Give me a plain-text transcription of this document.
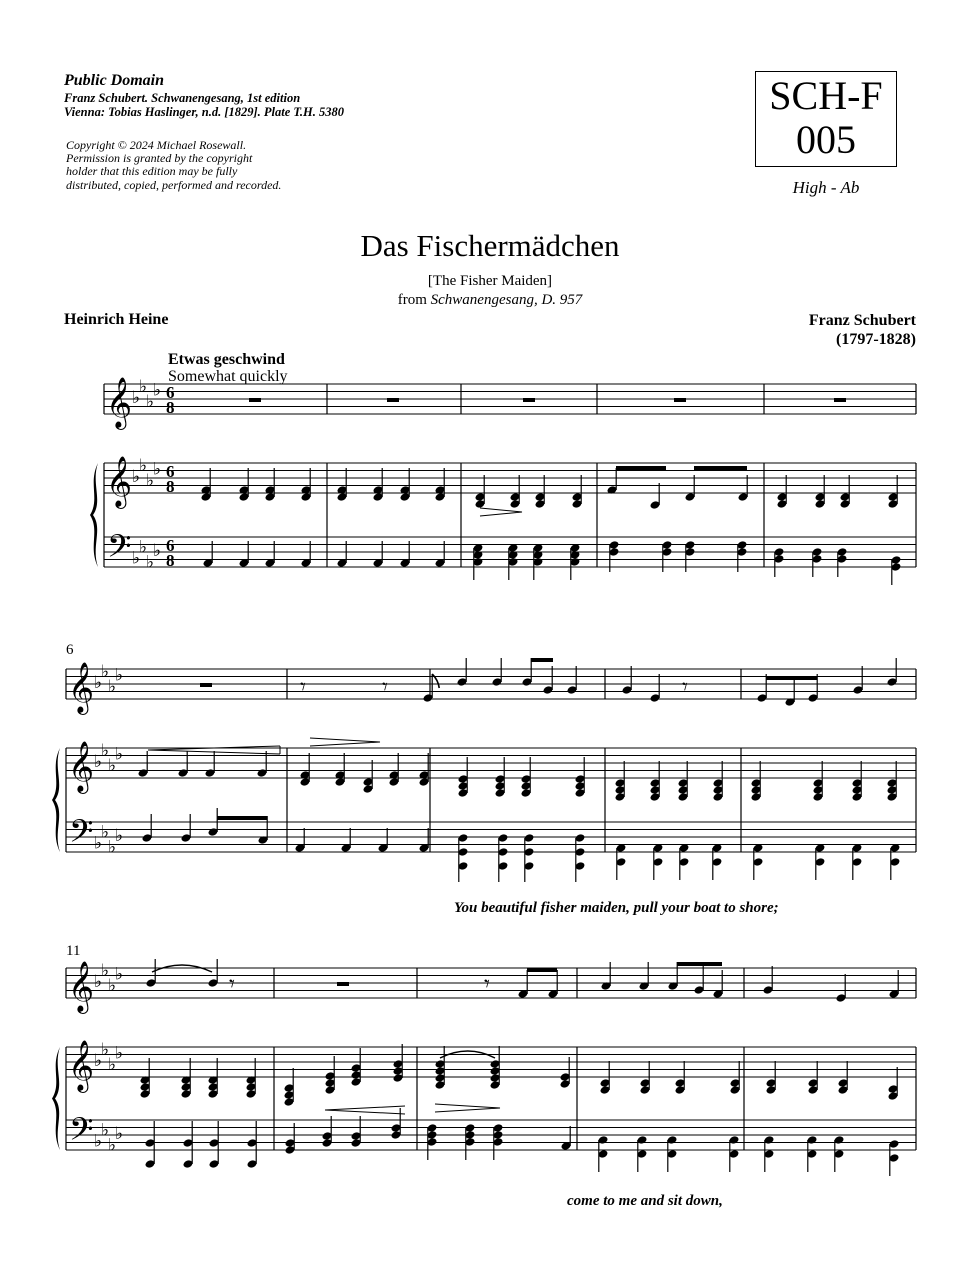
Public Domain
Franz Schubert. Schwanengesang, 1st edition
Vienna: Tobias Haslinger, n.d. [1829]. Plate T.H. 5380
Copyright © 2024 Michael Rosewall.
Permission is granted by the copyright
holder that this edition may be fully
distributed, copied, performed and recorded.
SCH-F
005
High - Ab
Das Fischermädchen
[The Fisher Maiden]
from Schwanengesang, D. 957
Heinrich Heine	Franz Schubert
(1797-1828)
Etwas geschwind
Somewhat quickly
You beautiful fisher maiden, pull your boat to shore;
come to me and sit down,
𝄞
𝄞
𝄢
♭
♭
♭
♭
♭
♭
♭
♭
♭
♭
♭
♭
6
8
6
8
6
8
𝄞
𝄞
𝄢
♭
♭
♭
♭
♭
♭
♭
♭
♭
♭
♭
♭
6
𝄾	𝄾	𝄾
𝄞
𝄞
𝄢
♭
♭
♭
♭
♭
♭
♭
♭
♭
♭
♭
♭
11
𝄾	𝄾
